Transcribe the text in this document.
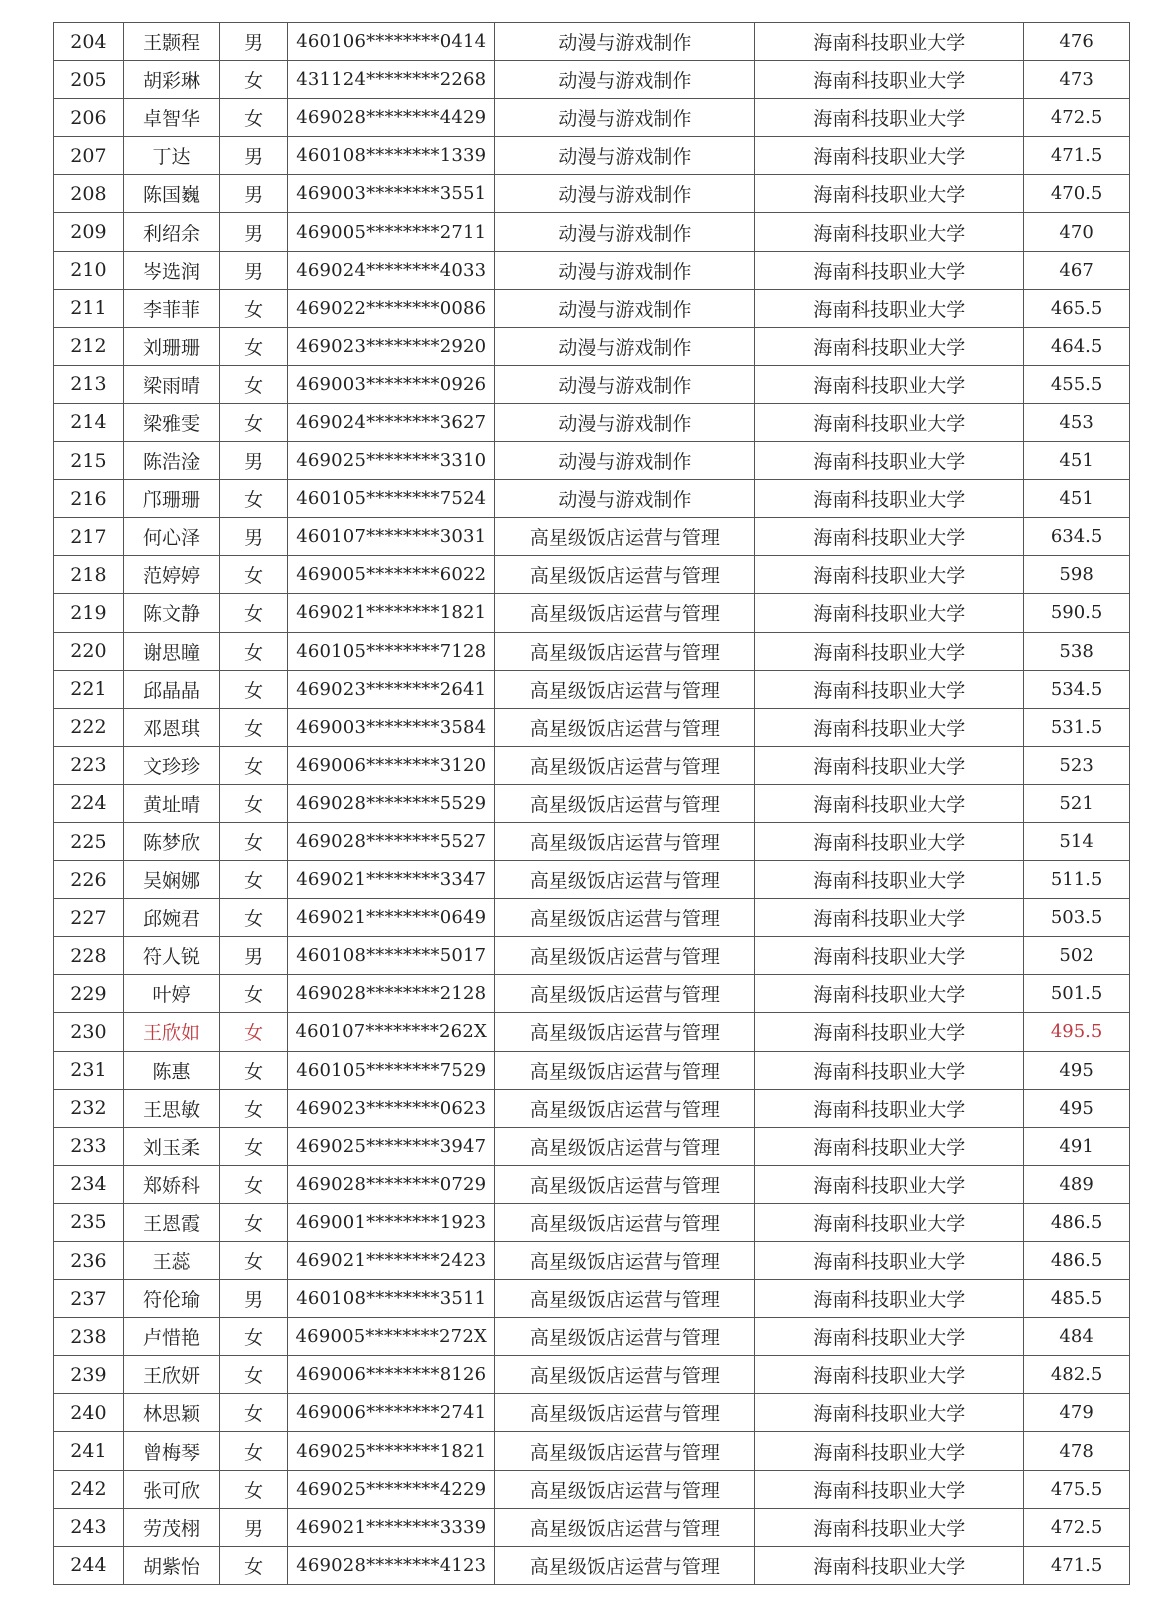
204	王颢程	男	460106********0414	动漫与游戏制作	海南科技职业大学	476
205	胡彩琳	女	431124********2268	动漫与游戏制作	海南科技职业大学	473
206	卓智华	女	469028********4429	动漫与游戏制作	海南科技职业大学	472.5
207	丁达	男	460108********1339	动漫与游戏制作	海南科技职业大学	471.5
208	陈国巍	男	469003********3551	动漫与游戏制作	海南科技职业大学	470.5
209	利绍余	男	469005********2711	动漫与游戏制作	海南科技职业大学	470
210	岑选润	男	469024********4033	动漫与游戏制作	海南科技职业大学	467
211	李菲菲	女	469022********0086	动漫与游戏制作	海南科技职业大学	465.5
212	刘珊珊	女	469023********2920	动漫与游戏制作	海南科技职业大学	464.5
213	梁雨晴	女	469003********0926	动漫与游戏制作	海南科技职业大学	455.5
214	梁雅雯	女	469024********3627	动漫与游戏制作	海南科技职业大学	453
215	陈浩淦	男	469025********3310	动漫与游戏制作	海南科技职业大学	451
216	邝珊珊	女	460105********7524	动漫与游戏制作	海南科技职业大学	451
217	何心泽	男	460107********3031	高星级饭店运营与管理	海南科技职业大学	634.5
218	范婷婷	女	469005********6022	高星级饭店运营与管理	海南科技职业大学	598
219	陈文静	女	469021********1821	高星级饭店运营与管理	海南科技职业大学	590.5
220	谢思瞳	女	460105********7128	高星级饭店运营与管理	海南科技职业大学	538
221	邱晶晶	女	469023********2641	高星级饭店运营与管理	海南科技职业大学	534.5
222	邓恩琪	女	469003********3584	高星级饭店运营与管理	海南科技职业大学	531.5
223	文珍珍	女	469006********3120	高星级饭店运营与管理	海南科技职业大学	523
224	黄址晴	女	469028********5529	高星级饭店运营与管理	海南科技职业大学	521
225	陈梦欣	女	469028********5527	高星级饭店运营与管理	海南科技职业大学	514
226	吴娴娜	女	469021********3347	高星级饭店运营与管理	海南科技职业大学	511.5
227	邱婉君	女	469021********0649	高星级饭店运营与管理	海南科技职业大学	503.5
228	符人锐	男	460108********5017	高星级饭店运营与管理	海南科技职业大学	502
229	叶婷	女	469028********2128	高星级饭店运营与管理	海南科技职业大学	501.5
230	王欣如	女	460107********262X	高星级饭店运营与管理	海南科技职业大学	495.5
231	陈惠	女	460105********7529	高星级饭店运营与管理	海南科技职业大学	495
232	王思敏	女	469023********0623	高星级饭店运营与管理	海南科技职业大学	495
233	刘玉柔	女	469025********3947	高星级饭店运营与管理	海南科技职业大学	491
234	郑娇科	女	469028********0729	高星级饭店运营与管理	海南科技职业大学	489
235	王恩霞	女	469001********1923	高星级饭店运营与管理	海南科技职业大学	486.5
236	王蕊	女	469021********2423	高星级饭店运营与管理	海南科技职业大学	486.5
237	符伦瑜	男	460108********3511	高星级饭店运营与管理	海南科技职业大学	485.5
238	卢惜艳	女	469005********272X	高星级饭店运营与管理	海南科技职业大学	484
239	王欣妍	女	469006********8126	高星级饭店运营与管理	海南科技职业大学	482.5
240	林思颖	女	469006********2741	高星级饭店运营与管理	海南科技职业大学	479
241	曾梅琴	女	469025********1821	高星级饭店运营与管理	海南科技职业大学	478
242	张可欣	女	469025********4229	高星级饭店运营与管理	海南科技职业大学	475.5
243	劳茂栩	男	469021********3339	高星级饭店运营与管理	海南科技职业大学	472.5
244	胡紫怡	女	469028********4123	高星级饭店运营与管理	海南科技职业大学	471.5
